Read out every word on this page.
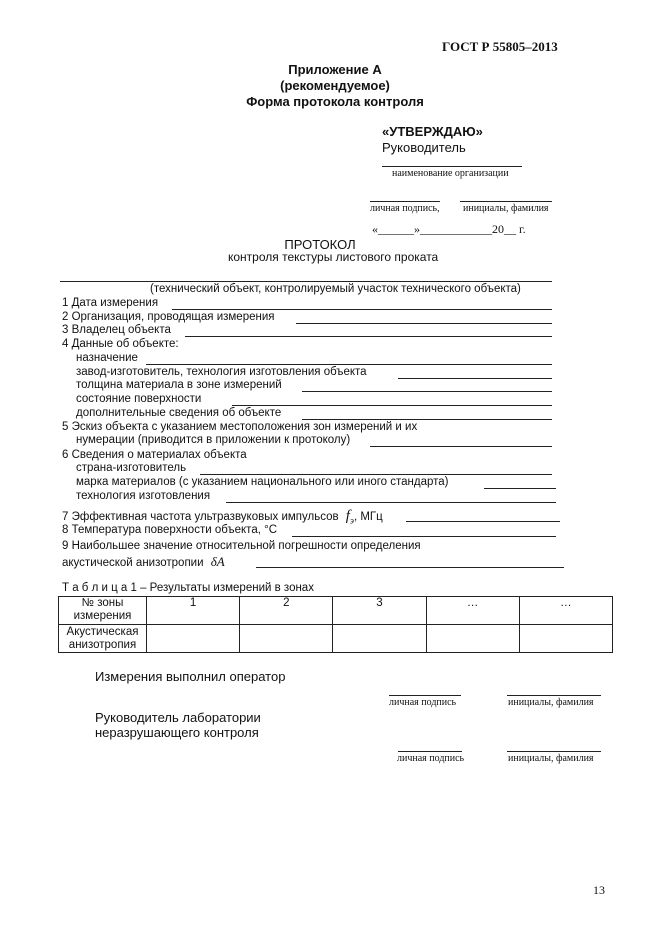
ГОСТ Р 55805–2013
Приложение А
(рекомендуемое)
Форма протокола контроля
«УТВЕРЖДАЮ»
Руководитель
наименование организации
личная подпись, инициалы, фамилия
«______»____________20__ г.
ПРОТОКОЛ
контроля текстуры листового проката
(технический объект, контролируемый участок технического объекта)
1 Дата измерения
2 Организация, проводящая измерения
3 Владелец объекта
4 Данные об объекте:
назначение
завод-изготовитель, технология изготовления объекта
толщина материала в зоне измерений
состояние поверхности
дополнительные сведения об объекте
5 Эскиз объекта с указанием местоположения зон измерений и их
нумерации (приводится в приложении к протоколу)
6 Сведения о материалах объекта
страна-изготовитель
марка материалов (с указанием национального или иного стандарта)
технология изготовления
7 Эффективная частота ультразвуковых импульсов $f_э$, МГц
8 Температура поверхности объекта, °С
9 Наибольшее значение относительной погрешности определения
акустической анизотропии δA
Т а б л и ц а 1 – Результаты измерений в зонах
№ зоны измерения	1	2	3	…	…
Акустическая анизотропия					
Измерения выполнил оператор
личная подпись	инициалы, фамилия
Руководитель лаборатории
неразрушающего контроля
личная подпись	инициалы, фамилия
13
